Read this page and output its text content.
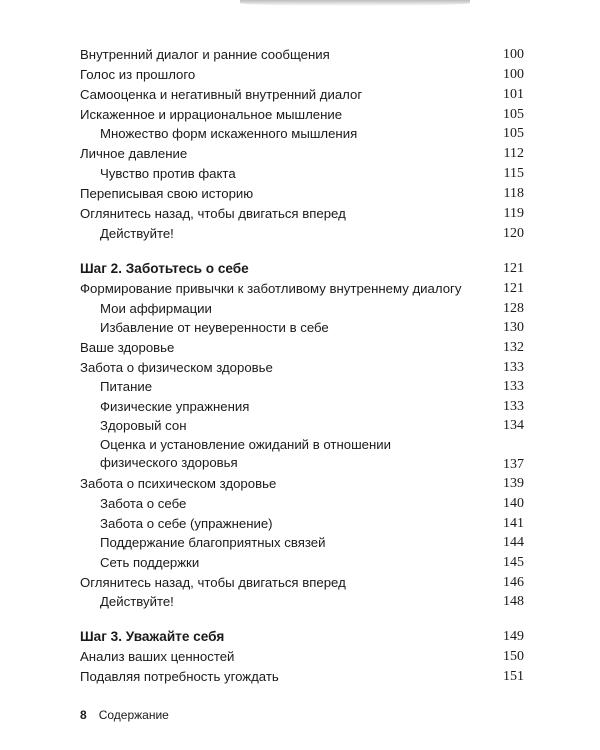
Внутренний диалог и ранние сообщения	100
Голос из прошлого	100
Самооценка и негативный внутренний диалог	101
Искаженное и иррациональное мышление	105
Множество форм искаженного мышления	105
Личное давление	112
Чувство против факта	115
Переписывая свою историю	118
Оглянитесь назад, чтобы двигаться вперед	119
Действуйте!	120
Шаг 2. Заботьтесь о себе	121
Формирование привычки к заботливому внутреннему диалогу	121
Мои аффирмации	128
Избавление от неуверенности в себе	130
Ваше здоровье	132
Забота о физическом здоровье	133
Питание	133
Физические упражнения	133
Здоровый сон	134
Оценка и установление ожиданий в отношении
физического здоровья	137
Забота о психическом здоровье	139
Забота о себе	140
Забота о себе (упражнение)	141
Поддержание благоприятных связей	144
Сеть поддержки	145
Оглянитесь назад, чтобы двигаться вперед	146
Действуйте!	148
Шаг 3. Уважайте себя	149
Анализ ваших ценностей	150
Подавляя потребность угождать	151
8 Содержание
